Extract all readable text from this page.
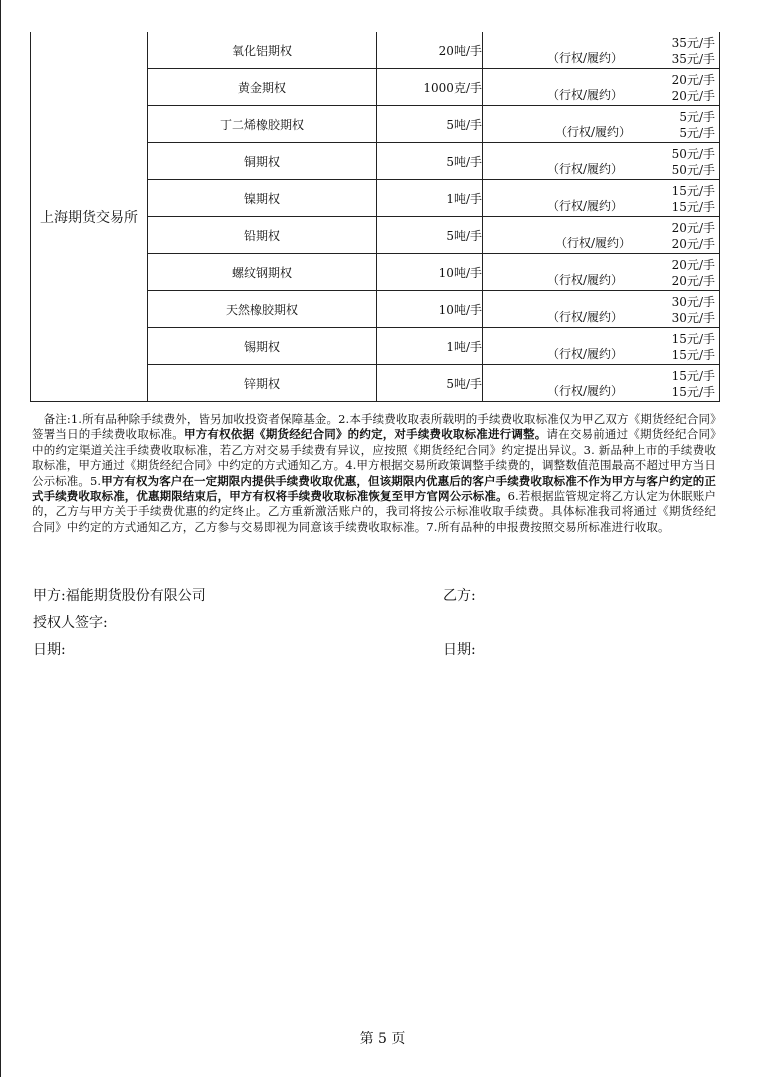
上海期货交易所	氧化铝期权	20吨/手	35元/手
（行权/履约） 35元/手

	黄金期权	1000克/手	20元/手
（行权/履约） 20元/手

	丁二烯橡胶期权	5吨/手	5元/手
（行权/履约） 5元/手

	铜期权	5吨/手	50元/手
（行权/履约） 50元/手

	镍期权	1吨/手	15元/手
（行权/履约） 15元/手

	铅期权	5吨/手	20元/手
（行权/履约） 20元/手

	螺纹钢期权	10吨/手	20元/手
（行权/履约） 20元/手

	天然橡胶期权	10吨/手	30元/手
（行权/履约） 30元/手

	锡期权	1吨/手	15元/手
（行权/履约） 15元/手

	锌期权	5吨/手	15元/手
（行权/履约） 15元/手
　备注:1.所有品种除手续费外，皆另加收投资者保障基金。2.本手续费收取表所载明的手续费收取标准仅为甲乙双方《期货经纪合同》签署当日的手续费收取标准。甲方有权依据《期货经纪合同》的约定，对手续费收取标准进行调整。请在交易前通过《期货经纪合同》中的约定渠道关注手续费收取标准，若乙方对交易手续费有异议，应按照《期货经纪合同》约定提出异议。3. 新品种上市的手续费收取标准，甲方通过《期货经纪合同》中约定的方式通知乙方。4.甲方根据交易所政策调整手续费的，调整数值范围最高不超过甲方当日公示标准。5.甲方有权为客户在一定期限内提供手续费收取优惠，但该期限内优惠后的客户手续费收取标准不作为甲方与客户约定的正式手续费收取标准，优惠期限结束后，甲方有权将手续费收取标准恢复至甲方官网公示标准。6.若根据监管规定将乙方认定为休眠账户的，乙方与甲方关于手续费优惠的约定终止。乙方重新激活账户的，我司将按公示标准收取手续费。具体标准我司将通过《期货经纪合同》中约定的方式通知乙方，乙方参与交易即视为同意该手续费收取标准。7.所有品种的申报费按照交易所标准进行收取。
甲方:福能期货股份有限公司	乙方:
授权人签字:
日期:	日期:
第 5 页
